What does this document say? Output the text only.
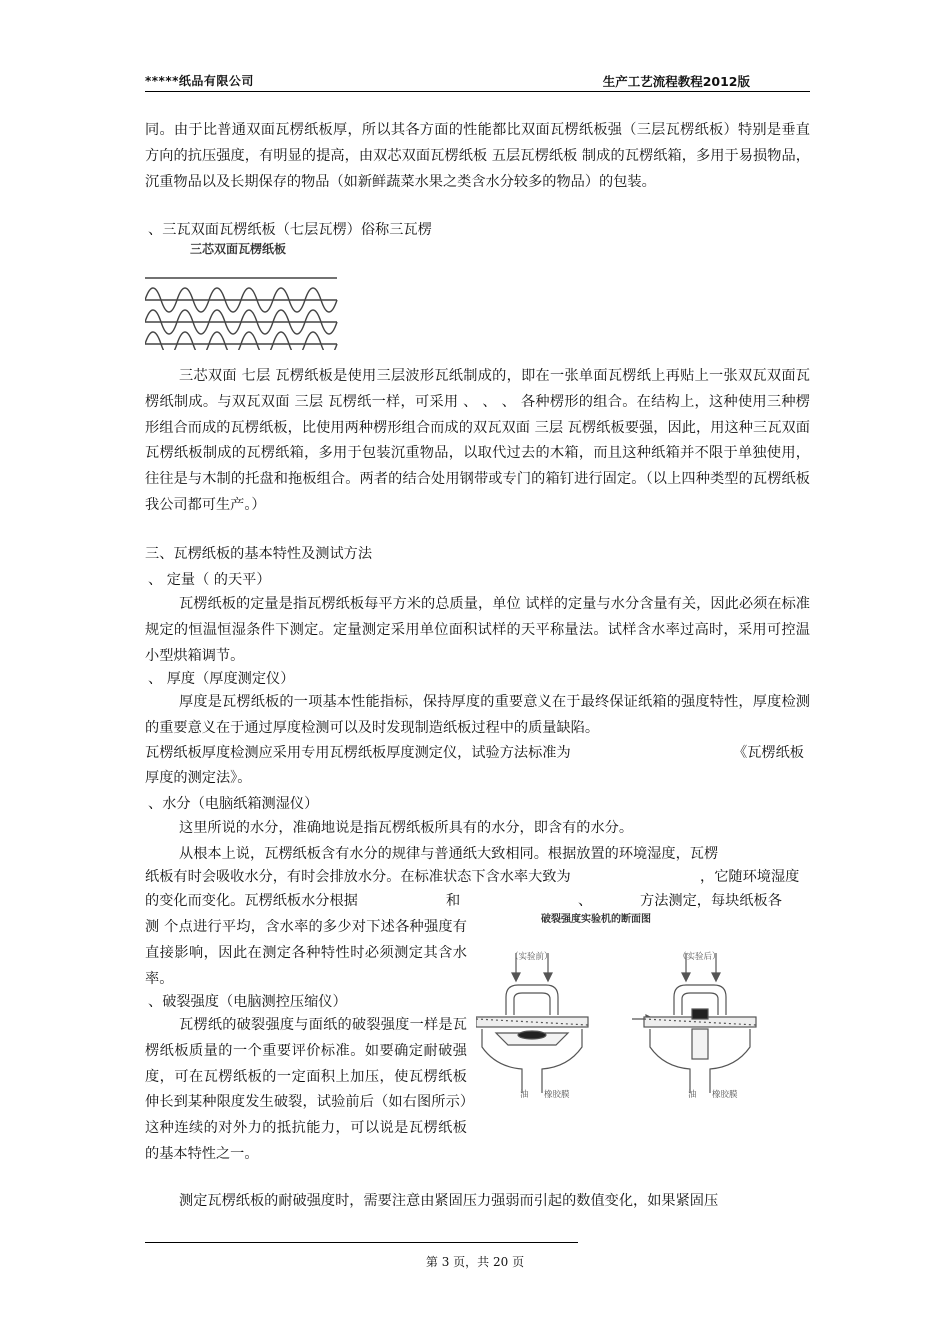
*****纸品有限公司	生产工艺流程教程2012版
同。由于比普通双面瓦楞纸板厚，所以其各方面的性能都比双面瓦楞纸板强（三层瓦楞纸板）特别是垂直方向的抗压强度，有明显的提高，由双芯双面瓦楞纸板 五层瓦楞纸板 制成的瓦楞纸箱，多用于易损物品，沉重物品以及长期保存的物品（如新鲜蔬菜水果之类含水分较多的物品）的包装。
、三瓦双面瓦楞纸板（七层瓦楞）俗称三瓦楞
三芯双面瓦楞纸板
三芯双面 七层 瓦楞纸板是使用三层波形瓦纸制成的，即在一张单面瓦楞纸上再贴上一张双瓦双面瓦楞纸制成。与双瓦双面 三层 瓦楞纸一样，可采用 、 、 、 各种楞形的组合。在结构上，这种使用三种楞形组合而成的瓦楞纸板，比使用两种楞形组合而成的双瓦双面 三层 瓦楞纸板要强，因此，用这种三瓦双面瓦楞纸板制成的瓦楞纸箱，多用于包装沉重物品，以取代过去的木箱，而且这种纸箱并不限于单独使用，往往是与木制的托盘和拖板组合。两者的结合处用钢带或专门的箱钉进行固定。（以上四种类型的瓦楞纸板我公司都可生产。）
三、瓦楞纸板的基本特性及测试方法
、 定量（ 的天平）
瓦楞纸板的定量是指瓦楞纸板每平方米的总质量，单位 试样的定量与水分含量有关，因此必须在标准规定的恒温恒湿条件下测定。定量测定采用单位面积试样的天平称量法。试样含水率过高时，采用可控温小型烘箱调节。
、 厚度（厚度测定仪）
厚度是瓦楞纸板的一项基本性能指标，保持厚度的重要意义在于最终保证纸箱的强度特性，厚度检测的重要意义在于通过厚度检测可以及时发现制造纸板过程中的质量缺陷。
瓦楞纸板厚度检测应采用专用瓦楞纸板厚度测定仪，试验方法标准为	《瓦楞纸板
厚度的测定法》。
、水分（电脑纸箱测湿仪）
这里所说的水分，准确地说是指瓦楞纸板所具有的水分，即含有的水分。
从根本上说，瓦楞纸板含有水分的规律与普通纸大致相同。根据放置的环境湿度，瓦楞
纸板有时会吸收水分，有时会排放水分。在标准状态下含水率大致为	，它随环境湿度
的变化而变化。瓦楞纸板水分根据	和	、	方法测定，每块纸板各
测 个点进行平均，含水率的多少对下述各种强度有直接影响，因此在测定各种特性时必须测定其含水率。
、破裂强度（电脑测控压缩仪）
瓦楞纸的破裂强度与面纸的破裂强度一样是瓦楞纸板质量的一个重要评价标准。如要确定耐破强度，可在瓦楞纸板的一定面积上加压，使瓦楞纸板伸长到某种限度发生破裂，试验前后（如右图所示）这种连续的对外力的抵抗能力，可以说是瓦楞纸板的基本特性之一。
破裂强度实验机的断面图
（实验前）	（实验后）
油 橡胶膜	油 橡胶膜
测定瓦楞纸板的耐破强度时，需要注意由紧固压力强弱而引起的数值变化，如果紧固压
第 3 页，共 20 页
